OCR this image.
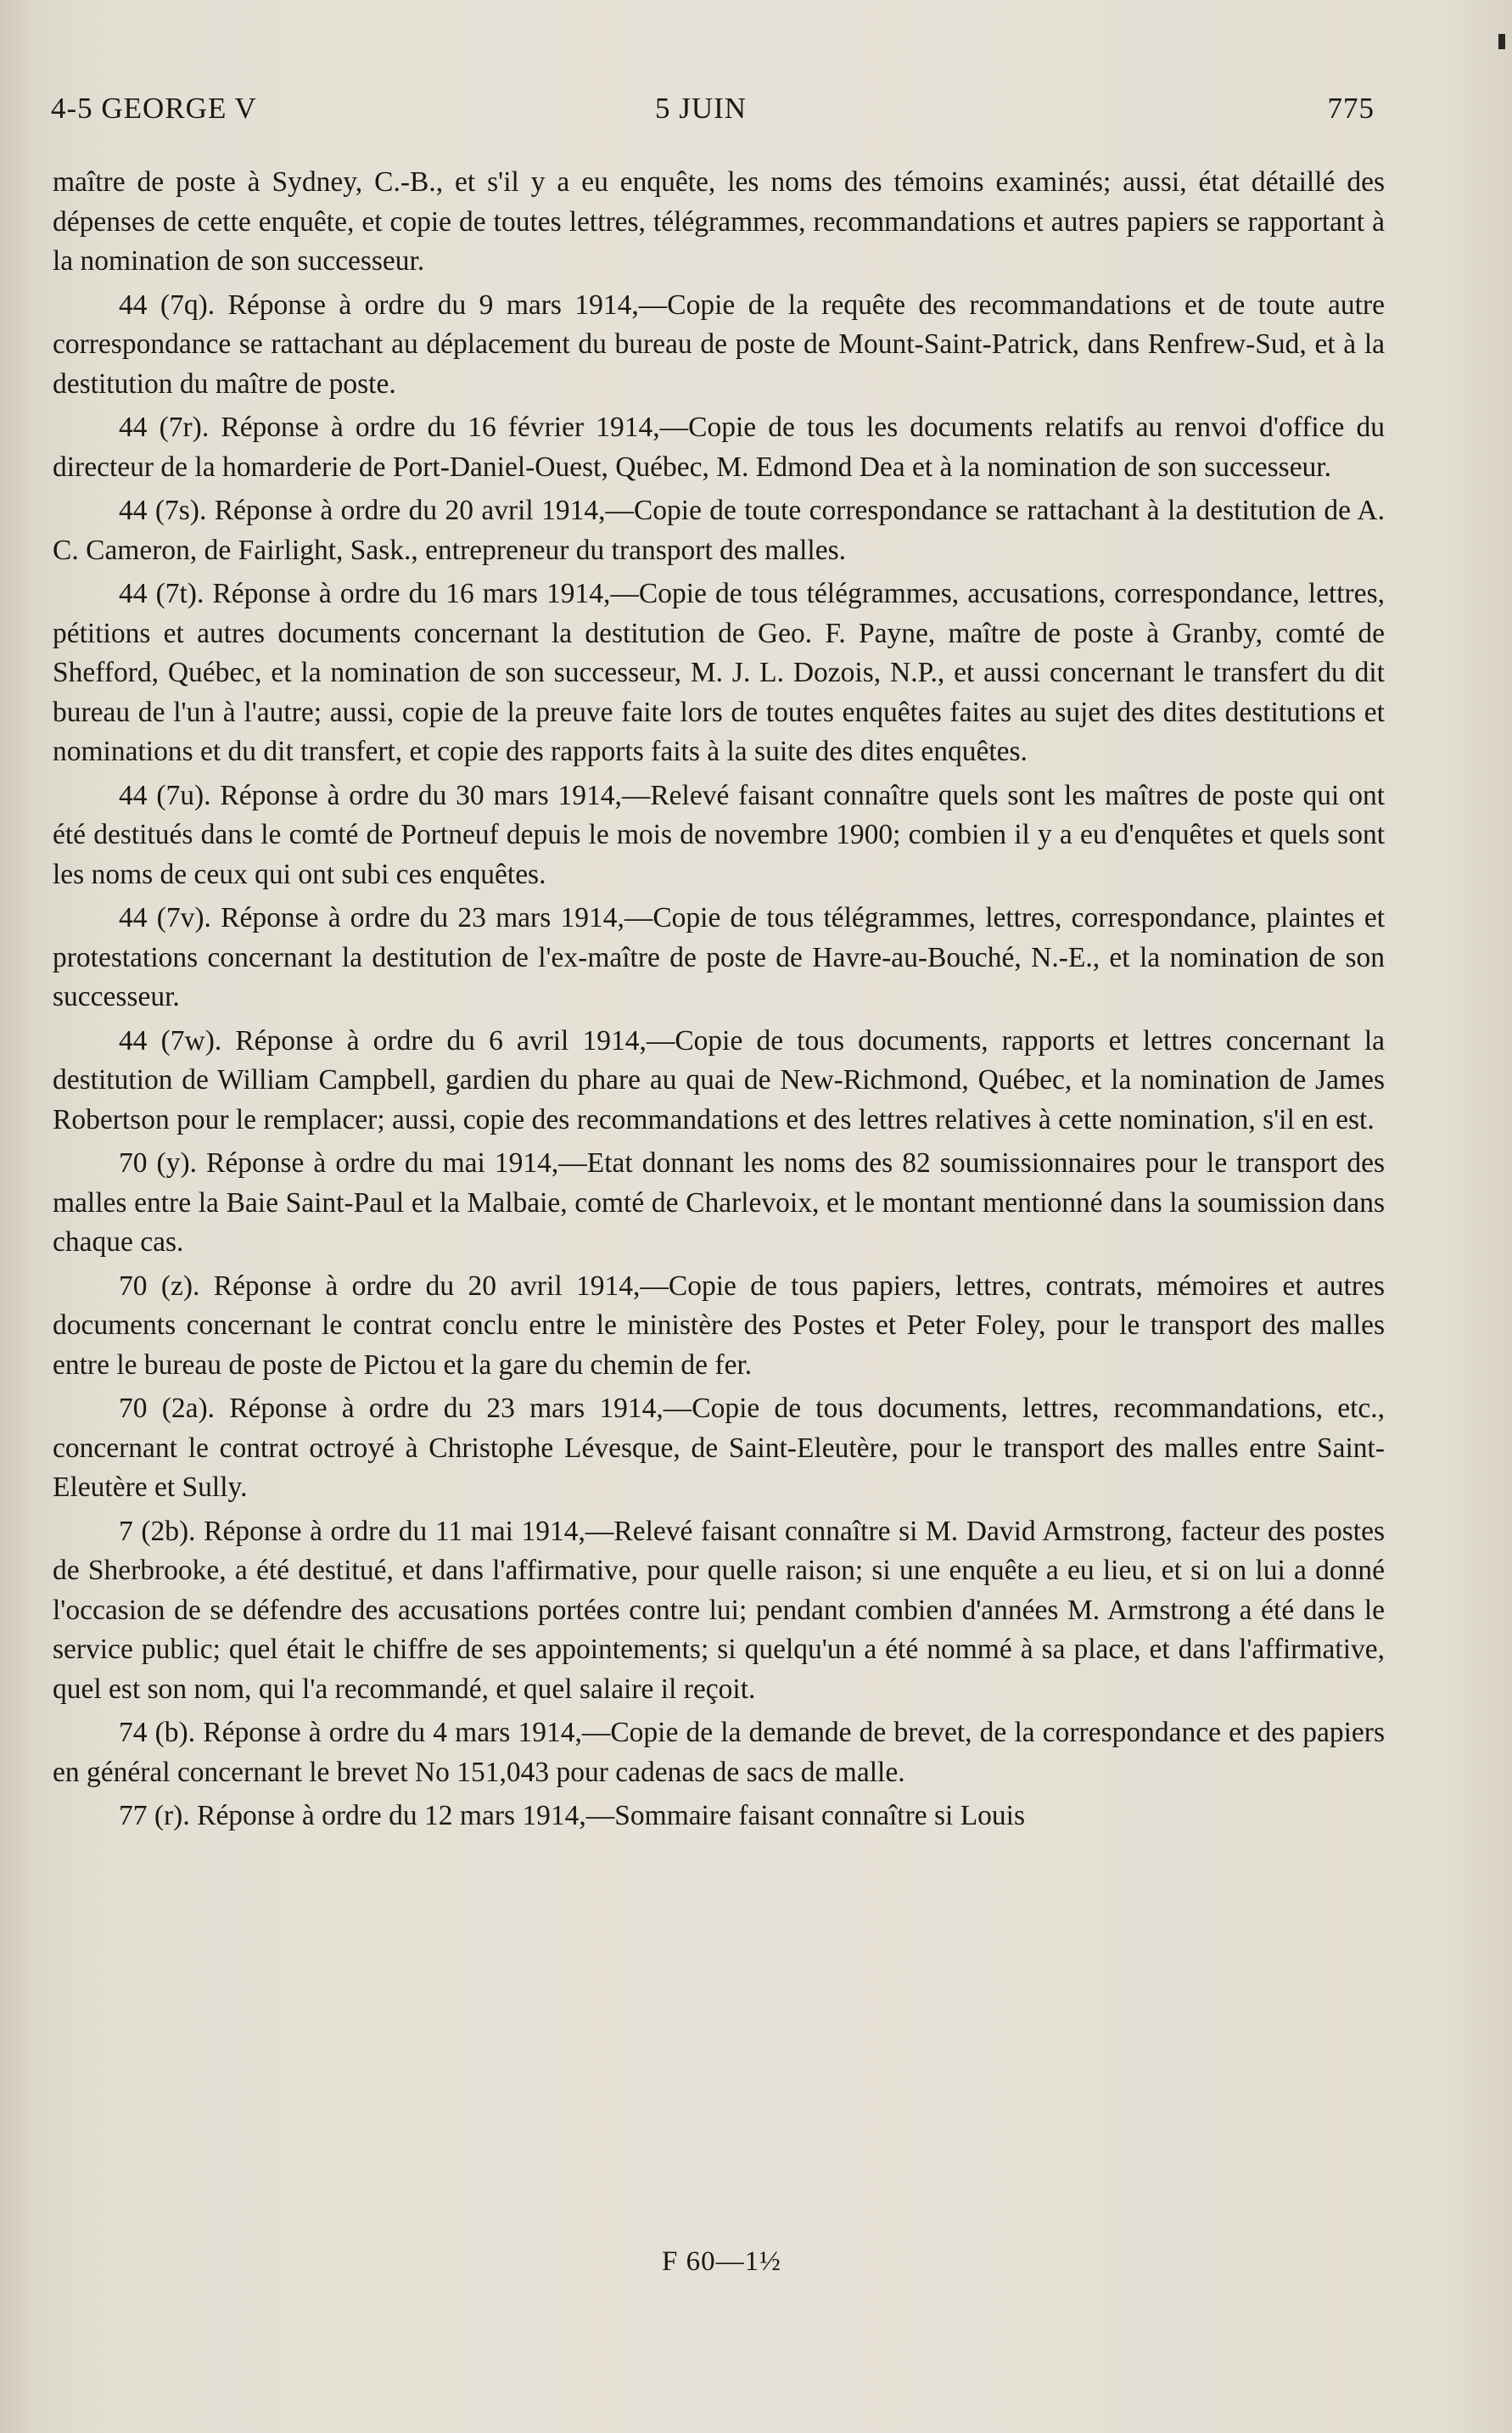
4-5 GEORGE V	5 JUIN	775

maître de poste à Sydney, C.-B., et s'il y a eu enquête, les noms des témoins examinés; aussi, état détaillé des dépenses de cette enquête, et copie de toutes lettres, télégrammes, recommandations et autres papiers se rapportant à la nomination de son successeur.

44 (7q). Réponse à ordre du 9 mars 1914,—Copie de la requête des recommandations et de toute autre correspondance se rattachant au déplacement du bureau de poste de Mount-Saint-Patrick, dans Renfrew-Sud, et à la destitution du maître de poste.

44 (7r). Réponse à ordre du 16 février 1914,—Copie de tous les documents relatifs au renvoi d'office du directeur de la homarderie de Port-Daniel-Ouest, Québec, M. Edmond Dea et à la nomination de son successeur.

44 (7s). Réponse à ordre du 20 avril 1914,—Copie de toute correspondance se rattachant à la destitution de A. C. Cameron, de Fairlight, Sask., entrepreneur du transport des malles.

44 (7t). Réponse à ordre du 16 mars 1914,—Copie de tous télégrammes, accusations, correspondance, lettres, pétitions et autres documents concernant la destitution de Geo. F. Payne, maître de poste à Granby, comté de Shefford, Québec, et la nomination de son successeur, M. J. L. Dozois, N.P., et aussi concernant le transfert du dit bureau de l'un à l'autre; aussi, copie de la preuve faite lors de toutes enquêtes faites au sujet des dites destitutions et nominations et du dit transfert, et copie des rapports faits à la suite des dites enquêtes.

44 (7u). Réponse à ordre du 30 mars 1914,—Relevé faisant connaître quels sont les maîtres de poste qui ont été destitués dans le comté de Portneuf depuis le mois de novembre 1900; combien il y a eu d'enquêtes et quels sont les noms de ceux qui ont subi ces enquêtes.

44 (7v). Réponse à ordre du 23 mars 1914,—Copie de tous télégrammes, lettres, correspondance, plaintes et protestations concernant la destitution de l'ex-maître de poste de Havre-au-Bouché, N.-E., et la nomination de son successeur.

44 (7w). Réponse à ordre du 6 avril 1914,—Copie de tous documents, rapports et lettres concernant la destitution de William Campbell, gardien du phare au quai de New-Richmond, Québec, et la nomination de James Robertson pour le remplacer; aussi, copie des recommandations et des lettres relatives à cette nomination, s'il en est.

70 (y). Réponse à ordre du mai 1914,—Etat donnant les noms des 82 soumissionnaires pour le transport des malles entre la Baie Saint-Paul et la Malbaie, comté de Charlevoix, et le montant mentionné dans la soumission dans chaque cas.

70 (z). Réponse à ordre du 20 avril 1914,—Copie de tous papiers, lettres, contrats, mémoires et autres documents concernant le contrat conclu entre le ministère des Postes et Peter Foley, pour le transport des malles entre le bureau de poste de Pictou et la gare du chemin de fer.

70 (2a). Réponse à ordre du 23 mars 1914,—Copie de tous documents, lettres, recommandations, etc., concernant le contrat octroyé à Christophe Lévesque, de Saint-Eleutère, pour le transport des malles entre Saint-Eleutère et Sully.

7 (2b). Réponse à ordre du 11 mai 1914,—Relevé faisant connaître si M. David Armstrong, facteur des postes de Sherbrooke, a été destitué, et dans l'affirmative, pour quelle raison; si une enquête a eu lieu, et si on lui a donné l'occasion de se défendre des accusations portées contre lui; pendant combien d'années M. Armstrong a été dans le service public; quel était le chiffre de ses appointements; si quelqu'un a été nommé à sa place, et dans l'affirmative, quel est son nom, qui l'a recommandé, et quel salaire il reçoit.

74 (b). Réponse à ordre du 4 mars 1914,—Copie de la demande de brevet, de la correspondance et des papiers en général concernant le brevet No 151,043 pour cadenas de sacs de malle.

77 (r). Réponse à ordre du 12 mars 1914,—Sommaire faisant connaître si Louis

F 60—1½
